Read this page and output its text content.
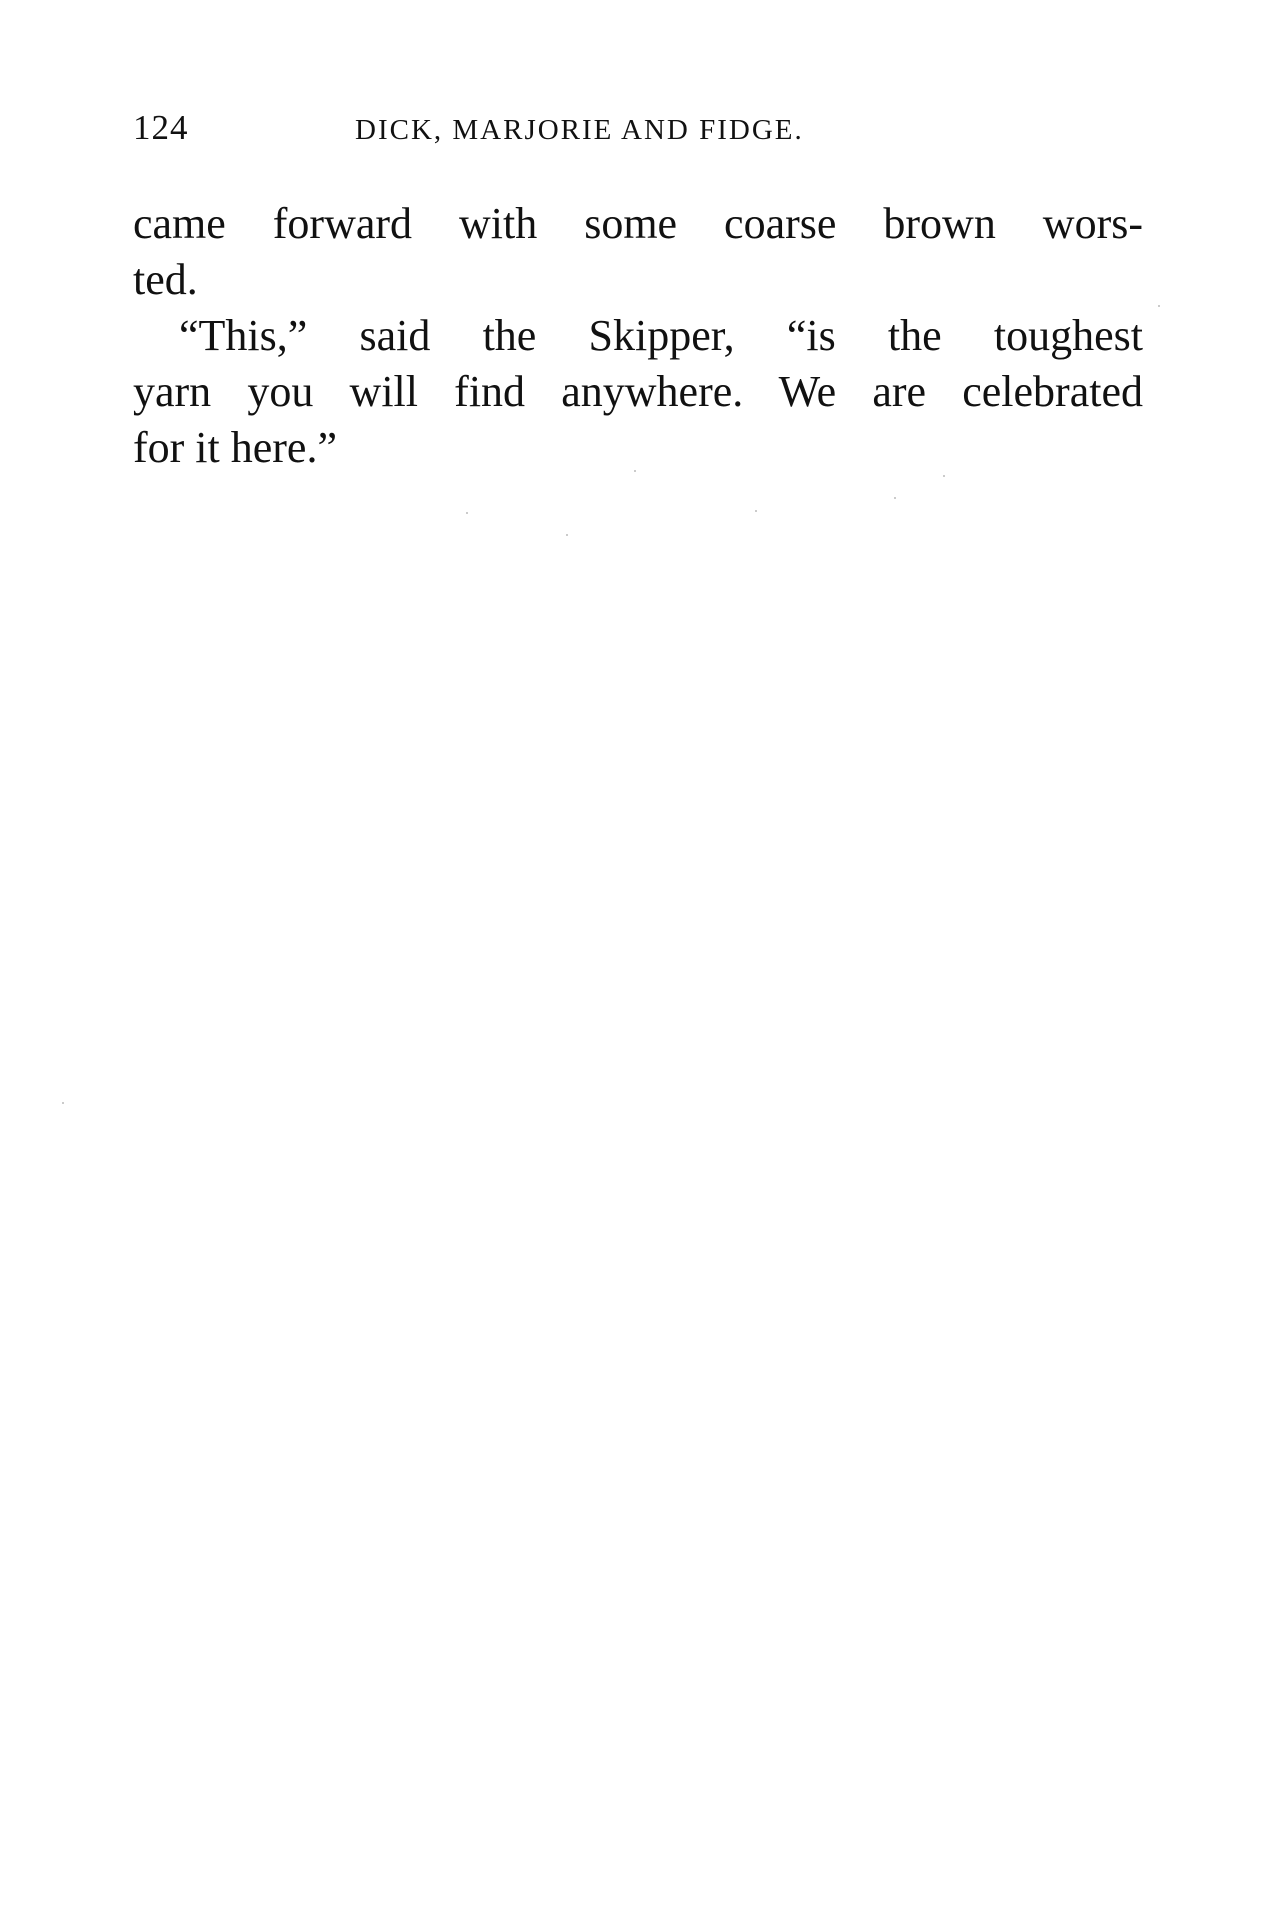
124	DICK, MARJORIE AND FIDGE.
came forward with some coarse brown wors-
ted.
“This,” said the Skipper, “is the toughest
yarn you will find anywhere. We are celebrated
for it here.”
